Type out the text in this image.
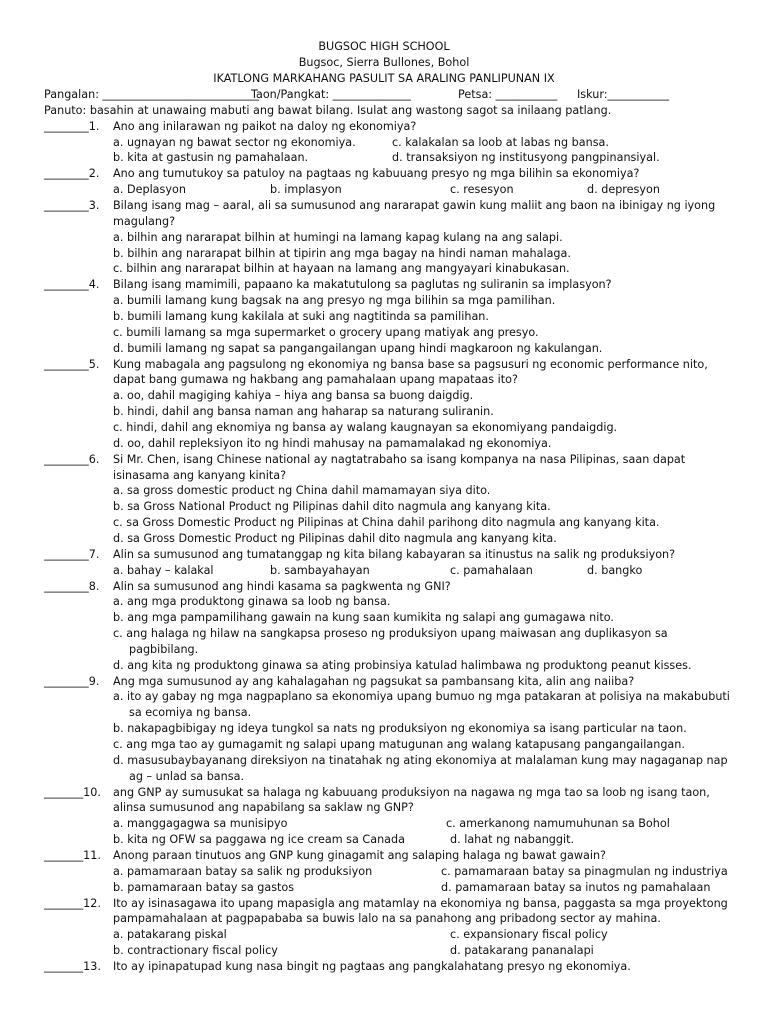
BUGSOC HIGH SCHOOL
Bugsoc, Sierra Bullones, Bohol
IKATLONG MARKAHANG PASULIT SA ARALING PANLIPUNAN IX
Pangalan: ____________________________
Taon/Pangkat: ______________	Petsa: ___________ Iskur:___________
Panuto: basahin at unawaing mabuti ang bawat bilang. Isulat ang wastong sagot sa inilaang patlang.
________1. Ano ang inilarawan ng paikot na daloy ng ekonomiya?
a. ugnayan ng bawat sector ng ekonomiya.	c. kalakalan sa loob at labas ng bansa.
b. kita at gastusin ng pamahalaan.	d. transaksiyon ng institusyong pangpinansiyal.
________2. Ano ang tumutukoy sa patuloy na pagtaas ng kabuuang presyo ng mga bilihin sa ekonomiya?
a. Deplasyon	b. implasyon	c. resesyon	d. depresyon
________3. Bilang isang mag – aaral, ali sa sumusunod ang nararapat gawin kung maliit ang baon na ibinigay ng iyong
magulang?
a. bilhin ang nararapat bilhin at humingi na lamang kapag kulang na ang salapi.
b. bilhin ang nararapat bilhin at tipirin ang mga bagay na hindi naman mahalaga.
c. bilhin ang nararapat bilhin at hayaan na lamang ang mangyayari kinabukasan.
________4. Bilang isang mamimili, papaano ka makatutulong sa paglutas ng suliranin sa implasyon?
a. bumili lamang kung bagsak na ang presyo ng mga bilihin sa mga pamilihan.
b. bumili lamang kung kakilala at suki ang nagtitinda sa pamilihan.
c. bumili lamang sa mga supermarket o grocery upang matiyak ang presyo.
d. bumili lamang ng sapat sa pangangailangan upang hindi magkaroon ng kakulangan.
________5. Kung mabagala ang pagsulong ng ekonomiya ng bansa base sa pagsusuri ng economic performance nito,
dapat bang gumawa ng hakbang ang pamahalaan upang mapataas ito?
a. oo, dahil magiging kahiya – hiya ang bansa sa buong daigdig.
b. hindi, dahil ang bansa naman ang haharap sa naturang suliranin.
c. hindi, dahil ang eknomiya ng bansa ay walang kaugnayan sa ekonomiyang pandaigdig.
d. oo, dahil repleksiyon ito ng hindi mahusay na pamamalakad ng ekonomiya.
________6. Si Mr. Chen, isang Chinese national ay nagtatrabaho sa isang kompanya na nasa Pilipinas, saan dapat
isinasama ang kanyang kinita?
a. sa gross domestic product ng China dahil mamamayan siya dito.
b. sa Gross National Product ng Pilipinas dahil dito nagmula ang kanyang kita.
c. sa Gross Domestic Product ng Pilipinas at China dahil parihong dito nagmula ang kanyang kita.
d. sa Gross Domestic Product ng Pilipinas dahil dito nagmula ang kanyang kita.
________7. Alin sa sumusunod ang tumatanggap ng kita bilang kabayaran sa itinustus na salik ng produksiyon?
a. bahay – kalakal	b. sambayahayan	c. pamahalaan	d. bangko
________8. Alin sa sumusunod ang hindi kasama sa pagkwenta ng GNI?
a. ang mga produktong ginawa sa loob ng bansa.
b. ang mga pampamilihang gawain na kung saan kumikita ng salapi ang gumagawa nito.
c. ang halaga ng hilaw na sangkapsa proseso ng produksiyon upang maiwasan ang duplikasyon sa
pagbibilang.
d. ang kita ng produktong ginawa sa ating probinsiya katulad halimbawa ng produktong peanut kisses.
________9. Ang mga sumusunod ay ang kahalagahan ng pagsukat sa pambansang kita, alin ang naiiba?
a. ito ay gabay ng mga nagpaplano sa ekonomiya upang bumuo ng mga patakaran at polisiya na makabubuti
sa ecomiya ng bansa.
b. nakapagbibigay ng ideya tungkol sa nats ng produksiyon ng ekonomiya sa isang particular na taon.
c. ang mga tao ay gumagamit ng salapi upang matugunan ang walang katapusang pangangailangan.
d. masusubaybayanang direksiyon na tinatahak ng ating ekonomiya at malalaman kung may nagaganap nap
ag – unlad sa bansa.
_______10. ang GNP ay sumusukat sa halaga ng kabuuang produksiyon na nagawa ng mga tao sa loob ng isang taon,
alinsa sumusunod ang napabilang sa saklaw ng GNP?
a. manggagagwa sa munisipyo	c. amerkanong namumuhunan sa Bohol
b. kita ng OFW sa paggawa ng ice cream sa Canada	d. lahat ng nabanggit.
_______11. Anong paraan tinutuos ang GNP kung ginagamit ang salaping halaga ng bawat gawain?
a. pamamaraan batay sa salik ng produksiyon	c. pamamaraan batay sa pinagmulan ng industriya
b. pamamaraan batay sa gastos	d. pamamaraan batay sa inutos ng pamahalaan
_______12. Ito ay isinasagawa ito upang mapasigla ang matamlay na ekonomiya ng bansa, paggasta sa mga proyektong
pampamahalaan at pagpapababa sa buwis lalo na sa panahong ang pribadong sector ay mahina.
a. patakarang piskal	c. expansionary fiscal policy
b. contractionary fiscal policy	d. patakarang pananalapi
_______13. Ito ay ipinapatupad kung nasa bingit ng pagtaas ang pangkalahatang presyo ng ekonomiya.
